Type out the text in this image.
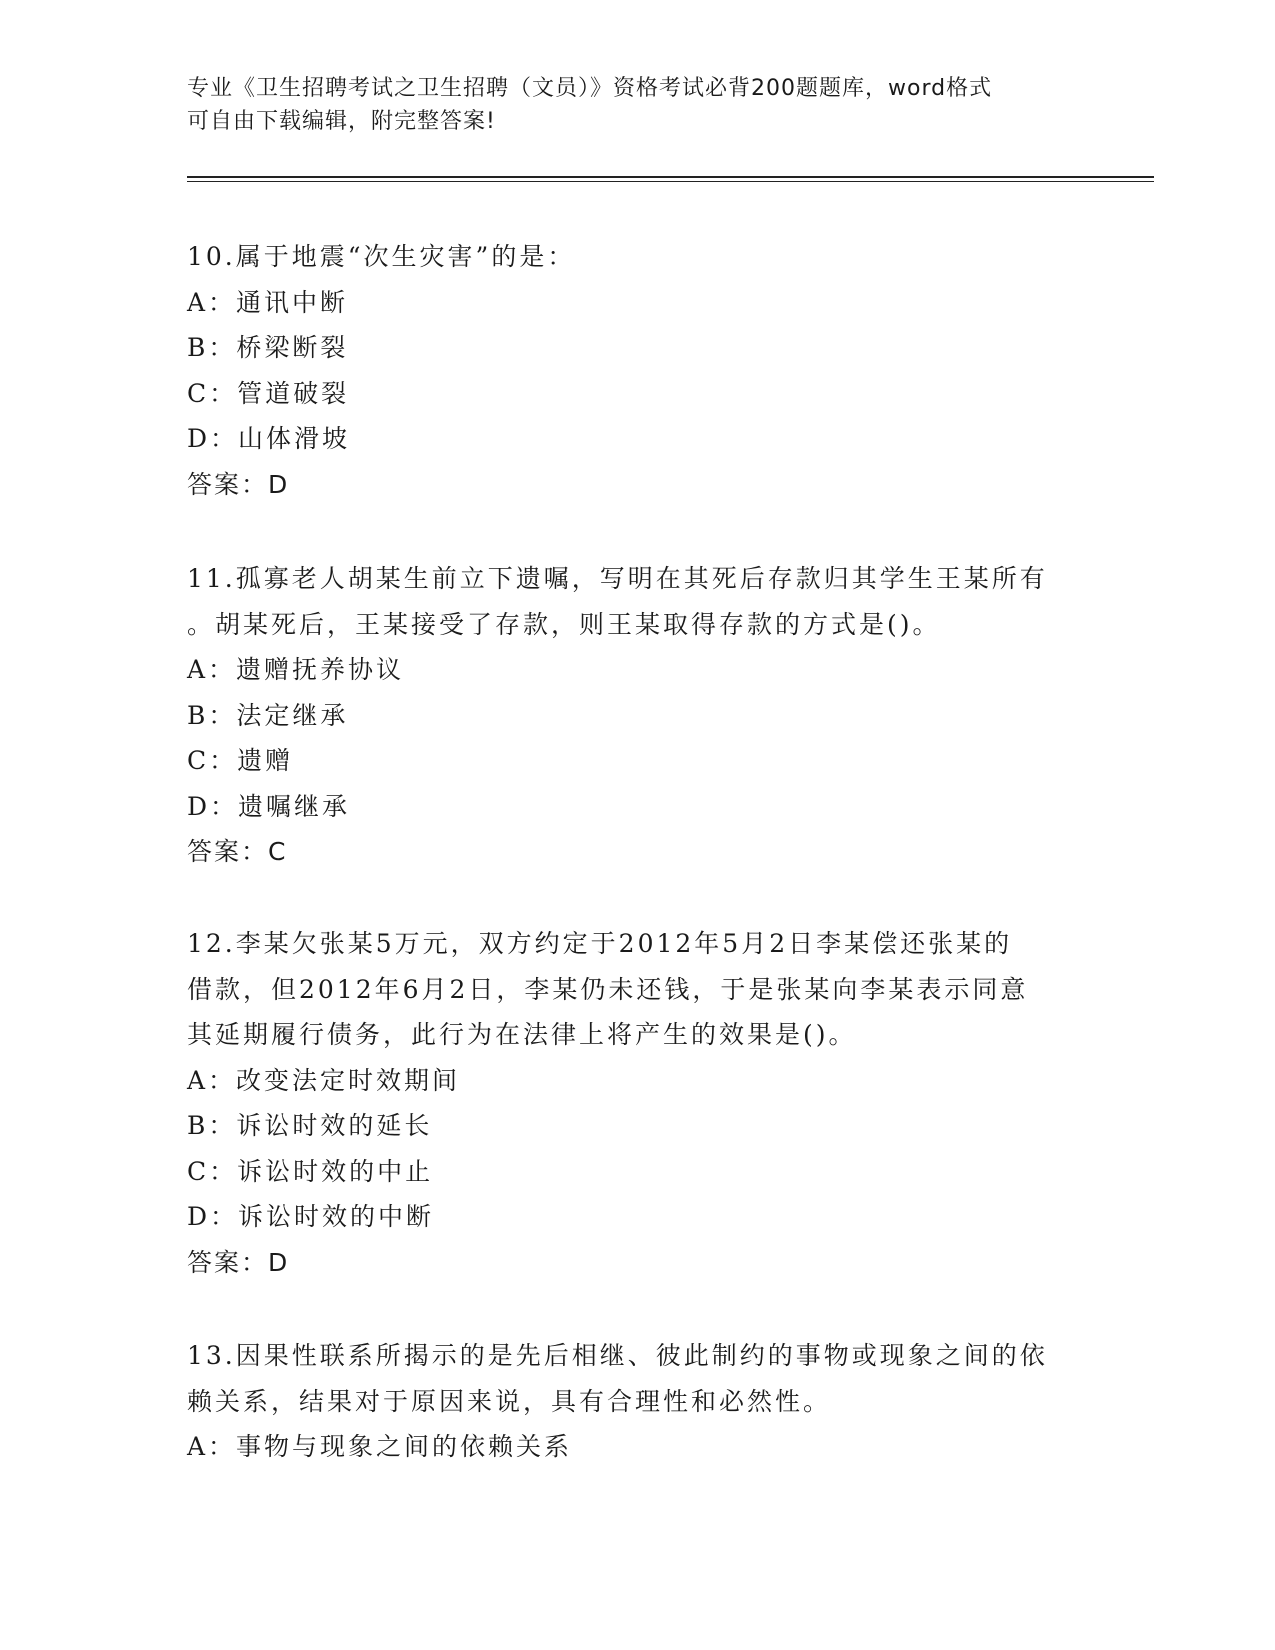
专业《卫生招聘考试之卫生招聘（文员）》资格考试必背200题题库，word格式

可自由下载编辑，附完整答案!

10.属于地震“次生灾害”的是：

A：通讯中断

B：桥梁断裂

C：管道破裂

D：山体滑坡

答案：D

11.孤寡老人胡某生前立下遗嘱，写明在其死后存款归其学生王某所有

。胡某死后，王某接受了存款，则王某取得存款的方式是()。

A：遗赠抚养协议

B：法定继承

C：遗赠

D：遗嘱继承

答案：C

12.李某欠张某5万元，双方约定于2012年5月2日李某偿还张某的

借款，但2012年6月2日，李某仍未还钱，于是张某向李某表示同意

其延期履行债务，此行为在法律上将产生的效果是()。

A：改变法定时效期间

B：诉讼时效的延长

C：诉讼时效的中止

D：诉讼时效的中断

答案：D

13.因果性联系所揭示的是先后相继、彼此制约的事物或现象之间的依

赖关系，结果对于原因来说，具有合理性和必然性。

A：事物与现象之间的依赖关系
